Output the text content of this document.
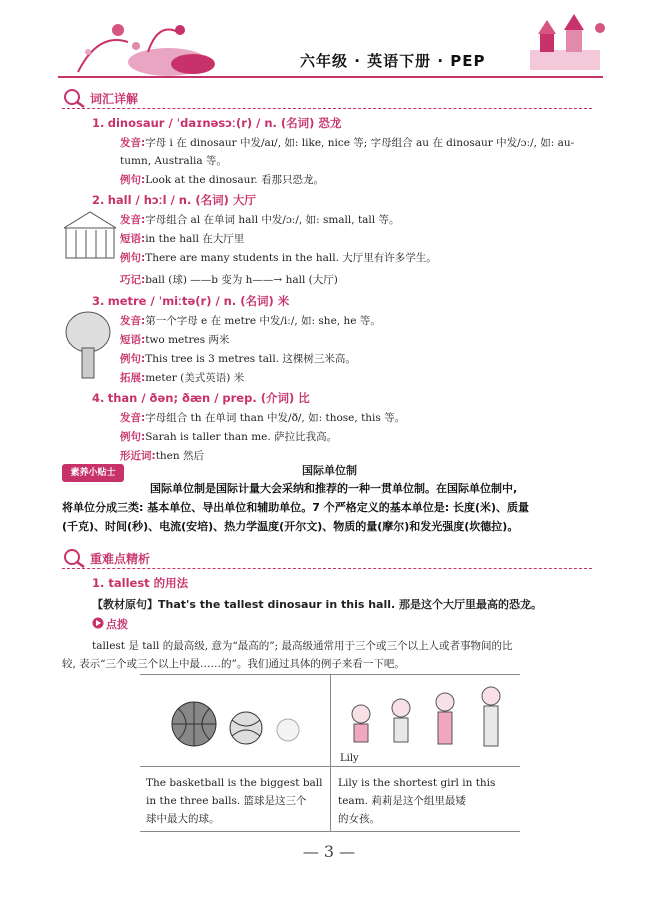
六年级 · 英语下册 · PEP
词汇详解
1. dinosaur / ˈdaɪnəsɔː(r) / n. (名词) 恐龙
发音:字母 i 在 dinosaur 中发/aɪ/, 如: like, nice 等; 字母组合 au 在 dinosaur 中发/ɔː/, 如: au-
tumn, Australia 等。
例句:Look at the dinosaur. 看那只恐龙。
2. hall / hɔːl / n. (名词) 大厅
发音:字母组合 al 在单词 hall 中发/ɔː/, 如: small, tall 等。
短语:in the hall 在大厅里
例句:There are many students in the hall. 大厅里有许多学生。
巧记:ball (球) ——b 变为 h——→ hall (大厅)
3. metre / ˈmiːtə(r) / n. (名词) 米
发音:第一个字母 e 在 metre 中发/iː/, 如: she, he 等。
短语:two metres 两米
例句:This tree is 3 metres tall. 这棵树三米高。
拓展:meter (美式英语) 米
4. than / ðən; ðæn / prep. (介词) 比
发音:字母组合 th 在单词 than 中发/ð/, 如: those, this 等。
例句:Sarah is taller than me. 萨拉比我高。
形近词:then 然后
素养小贴士	国际单位制
国际单位制是国际计量大会采纳和推荐的一种一贯单位制。在国际单位制中,
将单位分成三类: 基本单位、导出单位和辅助单位。7 个严格定义的基本单位是: 长度(米)、质量
(千克)、时间(秒)、电流(安培)、热力学温度(开尔文)、物质的量(摩尔)和发光强度(坎德拉)。
重难点精析
1. tallest 的用法
【教材原句】That's the tallest dinosaur in this hall. 那是这个大厅里最高的恐龙。
点拨
tallest 是 tall 的最高级, 意为“最高的”; 最高级通常用于三个或三个以上人或者事物间的比
较, 表示“三个或三个以上中最……的”。我们通过具体的例子来看一下吧。
Lily
The basketball is the biggest ball
in the three balls. 篮球是这三个
球中最大的球。
Lily is the shortest girl in this
team. 莉莉是这个组里最矮
的女孩。
— 3 —
